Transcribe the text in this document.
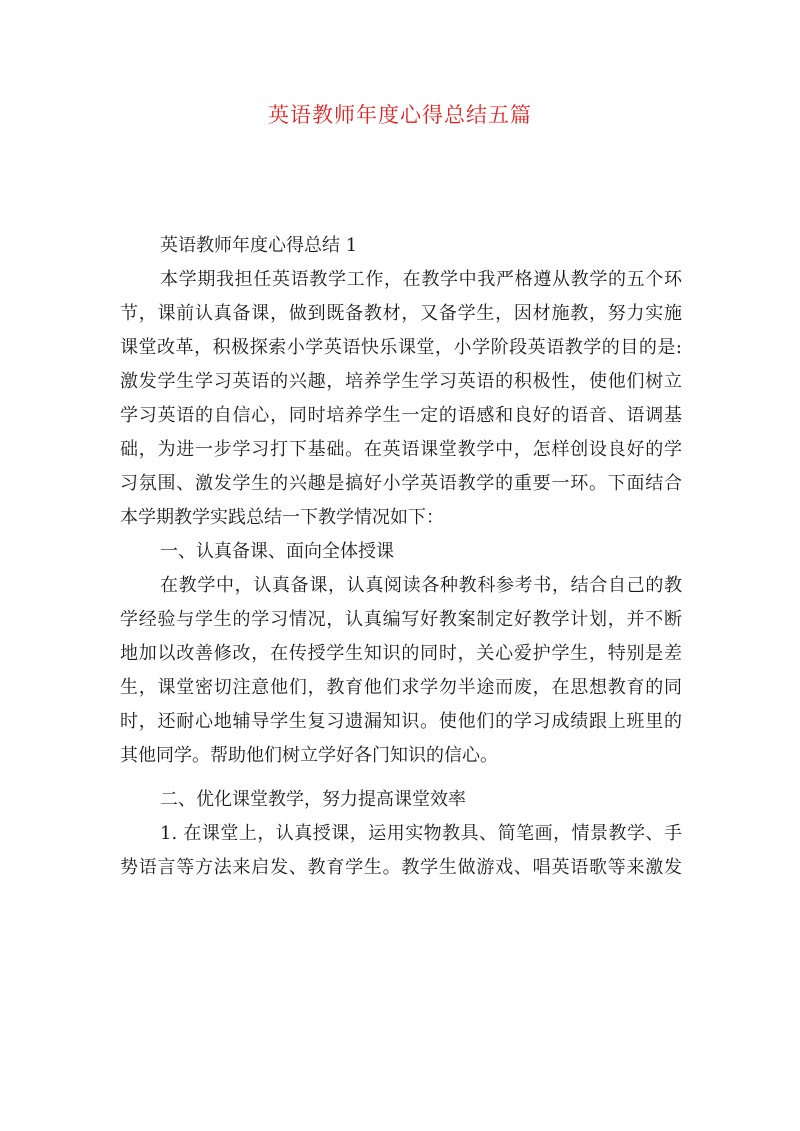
英语教师年度心得总结五篇

英语教师年度心得总结 1

本学期我担任英语教学工作，在教学中我严格遵从教学的五个环

节，课前认真备课，做到既备教材，又备学生，因材施教，努力实施

课堂改革，积极探索小学英语快乐课堂，小学阶段英语教学的目的是:

激发学生学习英语的兴趣，培养学生学习英语的积极性，使他们树立

学习英语的自信心，同时培养学生一定的语感和良好的语音、语调基

础，为进一步学习打下基础。在英语课堂教学中，怎样创设良好的学

习氛围、激发学生的兴趣是搞好小学英语教学的重要一环。下面结合

本学期教学实践总结一下教学情况如下：

一、认真备课、面向全体授课

在教学中，认真备课，认真阅读各种教科参考书，结合自己的教

学经验与学生的学习情况，认真编写好教案制定好教学计划，并不断

地加以改善修改，在传授学生知识的同时，关心爱护学生，特别是差

生，课堂密切注意他们，教育他们求学勿半途而废，在思想教育的同

时，还耐心地辅导学生复习遗漏知识。使他们的学习成绩跟上班里的

其他同学。帮助他们树立学好各门知识的信心。

二、优化课堂教学，努力提高课堂效率

1. 在课堂上，认真授课，运用实物教具、简笔画，情景教学、手

势语言等方法来启发、教育学生。教学生做游戏、唱英语歌等来激发
